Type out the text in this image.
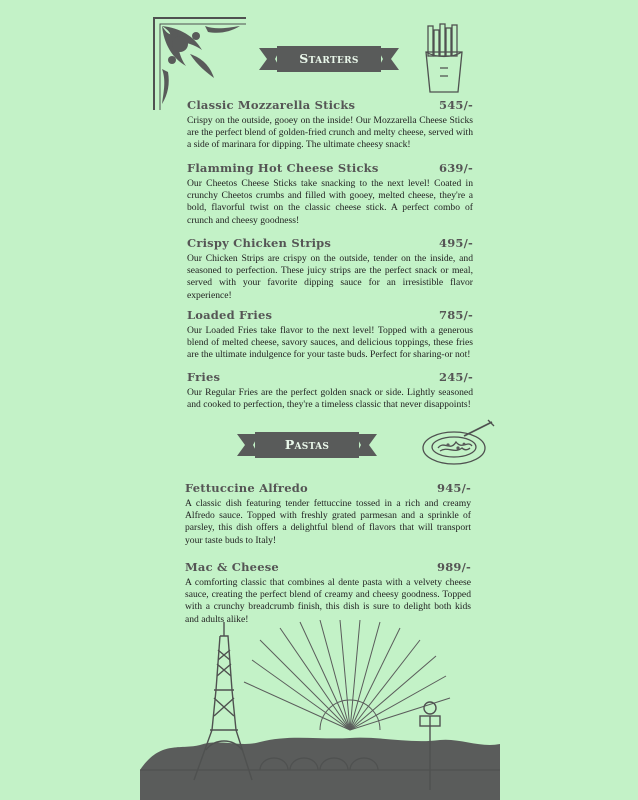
Starters
Classic Mozzarella Sticks	545/-
Crispy on the outside, gooey on the inside! Our Mozzarella Cheese Sticks are the perfect blend of golden-fried crunch and melty cheese, served with a side of marinara for dipping. The ultimate cheesy snack!
Flamming Hot Cheese Sticks	639/-
Our Cheetos Cheese Sticks take snacking to the next level! Coated in crunchy Cheetos crumbs and filled with gooey, melted cheese, they're a bold, flavorful twist on the classic cheese stick. A perfect combo of crunch and cheesy goodness!
Crispy Chicken Strips	495/-
Our Chicken Strips are crispy on the outside, tender on the inside, and seasoned to perfection. These juicy strips are the perfect snack or meal, served with your favorite dipping sauce for an irresistible flavor experience!
Loaded Fries	785/-
Our Loaded Fries take flavor to the next level! Topped with a generous blend of melted cheese, savory sauces, and delicious toppings, these fries are the ultimate indulgence for your taste buds. Perfect for sharing-or not!
Fries	245/-
Our Regular Fries are the perfect golden snack or side. Lightly seasoned and cooked to perfection, they're a timeless classic that never disappoints!
Pastas
Fettuccine Alfredo	945/-
A classic dish featuring tender fettuccine tossed in a rich and creamy Alfredo sauce. Topped with freshly grated parmesan and a sprinkle of parsley, this dish offers a delightful blend of flavors that will transport your taste buds to Italy!
Mac & Cheese	989/-
A comforting classic that combines al dente pasta with a velvety cheese sauce, creating the perfect blend of creamy and cheesy goodness. Topped with a crunchy breadcrumb finish, this dish is sure to delight both kids and adults alike!
